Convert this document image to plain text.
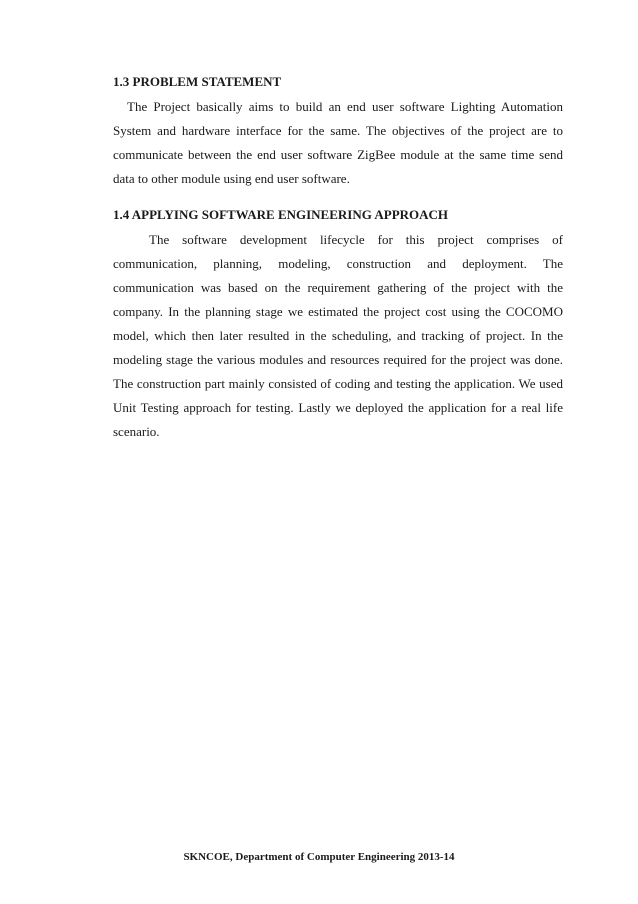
1.3 PROBLEM STATEMENT
The Project basically aims to build an end user software Lighting Automation
System and hardware interface for the same. The objectives of the project are to
communicate between the end user software ZigBee module at the same time send
data to other module using end user software.
1.4 APPLYING SOFTWARE ENGINEERING APPROACH
The software development lifecycle for this project comprises of
communication, planning, modeling, construction and deployment. The
communication was based on the requirement gathering of the project with the
company. In the planning stage we estimated the project cost using the COCOMO
model, which then later resulted in the scheduling, and tracking of project. In the
modeling stage the various modules and resources required for the project was done.
The construction part mainly consisted of coding and testing the application. We used
Unit Testing approach for testing. Lastly we deployed the application for a real life
scenario.
SKNCOE, Department of Computer Engineering 2013-14
